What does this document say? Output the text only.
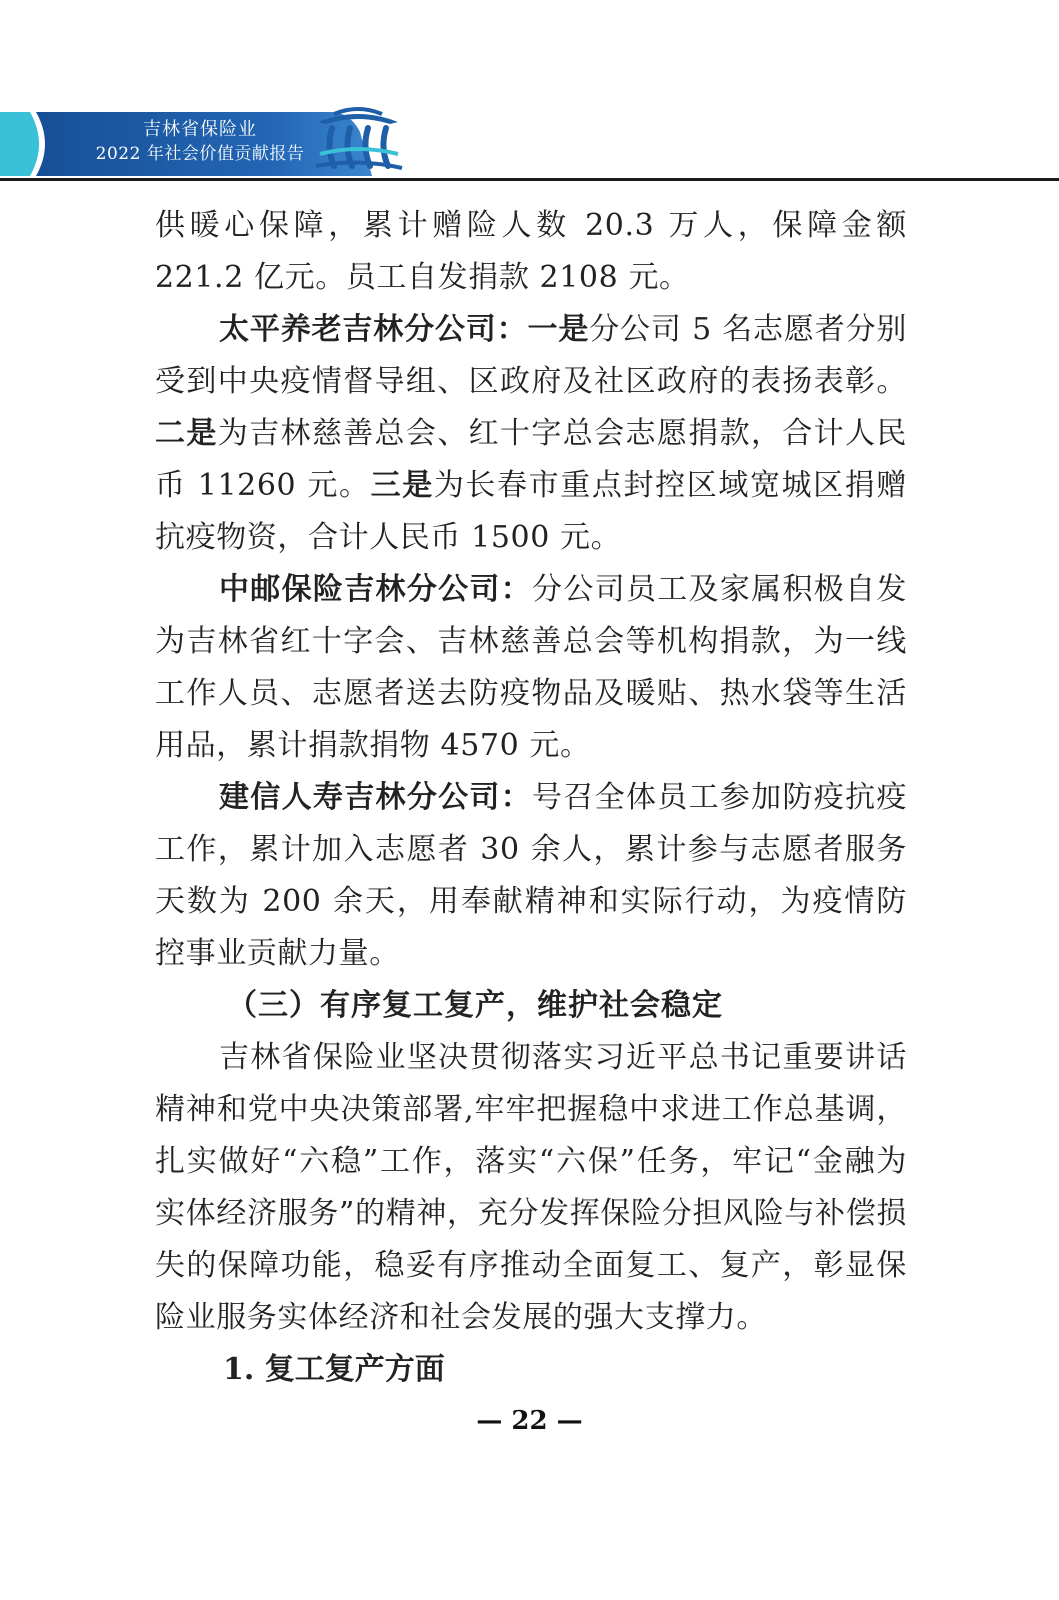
吉林省保险业
2022 年社会价值贡献报告

供暖心保障，累计赠险人数 20.3 万人，保障金额 221.2 亿元。员工自发捐款 2108 元。

太平养老吉林分公司：一是分公司 5 名志愿者分别受到中央疫情督导组、区政府及社区政府的表扬表彰。二是为吉林慈善总会、红十字总会志愿捐款，合计人民币 11260 元。三是为长春市重点封控区域宽城区捐赠抗疫物资，合计人民币 1500 元。

中邮保险吉林分公司：分公司员工及家属积极自发为吉林省红十字会、吉林慈善总会等机构捐款，为一线工作人员、志愿者送去防疫物品及暖贴、热水袋等生活用品，累计捐款捐物 4570 元。

建信人寿吉林分公司：号召全体员工参加防疫抗疫工作，累计加入志愿者 30 余人，累计参与志愿者服务天数为 200 余天，用奉献精神和实际行动，为疫情防控事业贡献力量。

（三）有序复工复产，维护社会稳定

吉林省保险业坚决贯彻落实习近平总书记重要讲话精神和党中央决策部署,牢牢把握稳中求进工作总基调，扎实做好“六稳”工作，落实“六保”任务，牢记“金融为实体经济服务”的精神，充分发挥保险分担风险与补偿损失的保障功能，稳妥有序推动全面复工、复产，彰显保险业服务实体经济和社会发展的强大支撑力。

1. 复工复产方面

— 22 —
